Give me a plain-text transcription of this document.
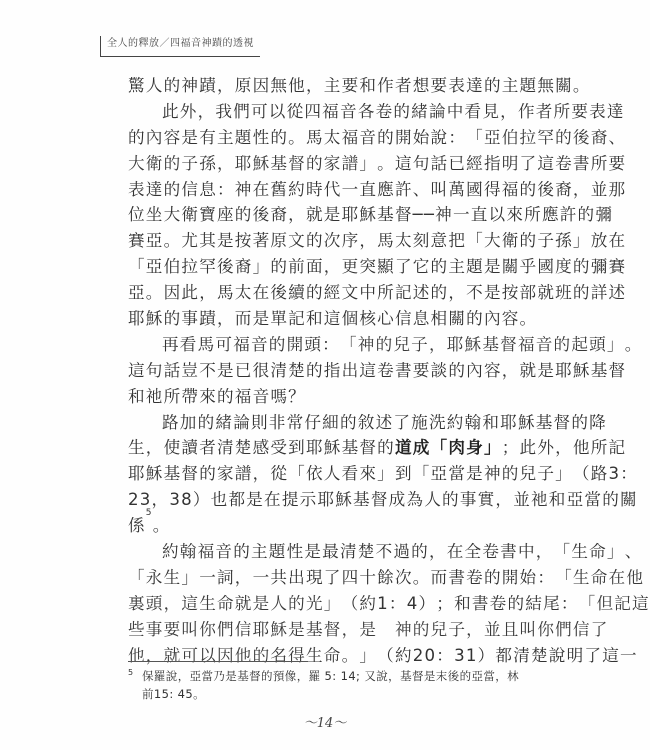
全人的釋放／四福音神蹟的透視
驚 人 的 神 蹟 ， 原 因 無 他 ， 主 要 和 作 者 想 要 表 達 的 主 題 無 關 。
此 外 ， 我 們 可 以 從 四 福 音 各 卷 的 緒 論 中 看 見 ， 作 者 所 要 表 達
的 內 容 是 有 主 題 性 的 。 馬 太 福 音 的 開 始 說 ： 「 亞 伯 拉 罕 的 後 裔 、
大 衛 的 子 孫 ， 耶 穌 基 督 的 家 譜 」 。 這 句 話 已 經 指 明 了 這 卷 書 所 要
表 達 的 信 息 ： 神 在 舊 約 時 代 一 直 應 許 、 叫 萬 國 得 福 的 後 裔 ， 並 那
位 坐 大 衛 寶 座 的 後 裔 ， 就 是 耶 穌 基 督 ─ ─ 神 一 直 以 來 所 應 許 的 彌
賽 亞 。 尤 其 是 按 著 原 文 的 次 序 ， 馬 太 刻 意 把 「 大 衛 的 子 孫 」 放 在
「 亞 伯 拉 罕 後 裔 」 的 前 面 ， 更 突 顯 了 它 的 主 題 是 關 乎 國 度 的 彌 賽
亞 。 因 此 ， 馬 太 在 後 續 的 經 文 中 所 記 述 的 ， 不 是 按 部 就 班 的 詳 述
耶 穌 的 事 蹟 ， 而 是 單 記 和 這 個 核 心 信 息 相 關 的 內 容 。
再 看 馬 可 福 音 的 開 頭 ： 「 神 的 兒 子 ， 耶 穌 基 督 福 音 的 起 頭 」 。
這 句 話 豈 不 是 已 很 清 楚 的 指 出 這 卷 書 要 談 的 內 容 ， 就 是 耶 穌 基 督
和 祂 所 帶 來 的 福 音 嗎 ？
路 加 的 緒 論 則 非 常 仔 細 的 敘 述 了 施 洗 約 翰 和 耶 穌 基 督 的 降
生 ， 使 讀 者 清 楚 感 受 到 耶 穌 基 督 的 道 成 「 肉 身 」 ； 此 外 ， 他 所 記
耶 穌 基 督 的 家 譜 ， 從 「 依 人 看 來 」 到 「 亞 當 是 神 的 兒 子 」 （ 路 3 ：
2 3 ， 3 8 ） 也 都 是 在 提 示 耶 穌 基 督 成 為 人 的 事 實 ， 並 祂 和 亞 當 的 關
係
5
。
約 翰 福 音 的 主 題 性 是 最 清 楚 不 過 的 ， 在 全 卷 書 中 ， 「 生 命 」 、
「 永 生 」 一 詞 ， 一 共 出 現 了 四 十 餘 次 。 而 書 卷 的 開 始 ： 「 生 命 在 他
裏 頭 ， 這 生 命 就 是 人 的 光 」 （ 約 1 ： 4 ） ； 和 書 卷 的 結 尾 ： 「 但 記 這
些 事 要 叫 你 們 信 耶 穌 是 基 督 ， 是
　 神 的 兒 子 ， 並 且 叫 你 們 信 了
他 ， 就 可 以 因 他 的 名 得 生 命 。 」 （ 約 2 0 ： 3 1 ） 都 清 楚 說 明 了 這 一
5 保羅說，亞當乃是基督的預像，羅 5: 14; 又說，基督是末後的亞當，林前15: 45。
～14～
